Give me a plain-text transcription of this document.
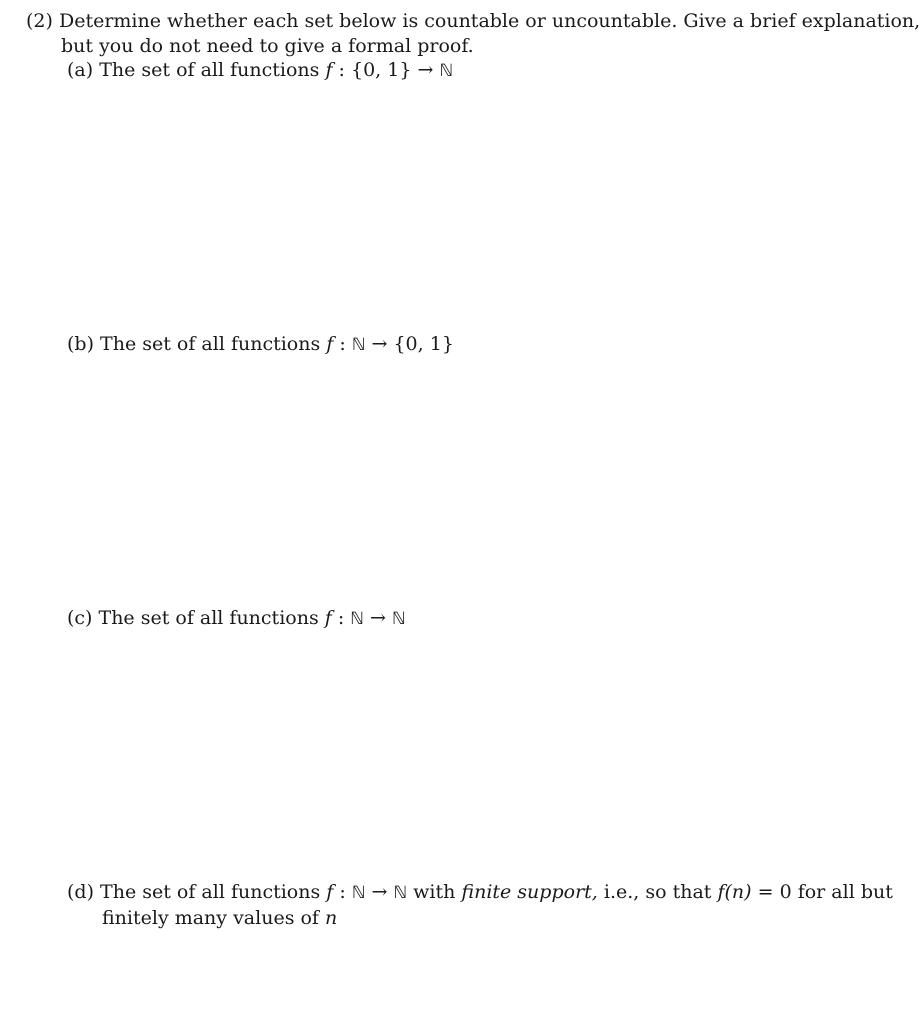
(2) Determine whether each set below is countable or uncountable. Give a brief explanation,
but you do not need to give a formal proof.
(a) The set of all functions f : {0, 1} → ℕ
(b) The set of all functions f : ℕ → {0, 1}
(c) The set of all functions f : ℕ → ℕ
(d) The set of all functions f : ℕ → ℕ with finite support, i.e., so that f(n) = 0 for all but
finitely many values of n
